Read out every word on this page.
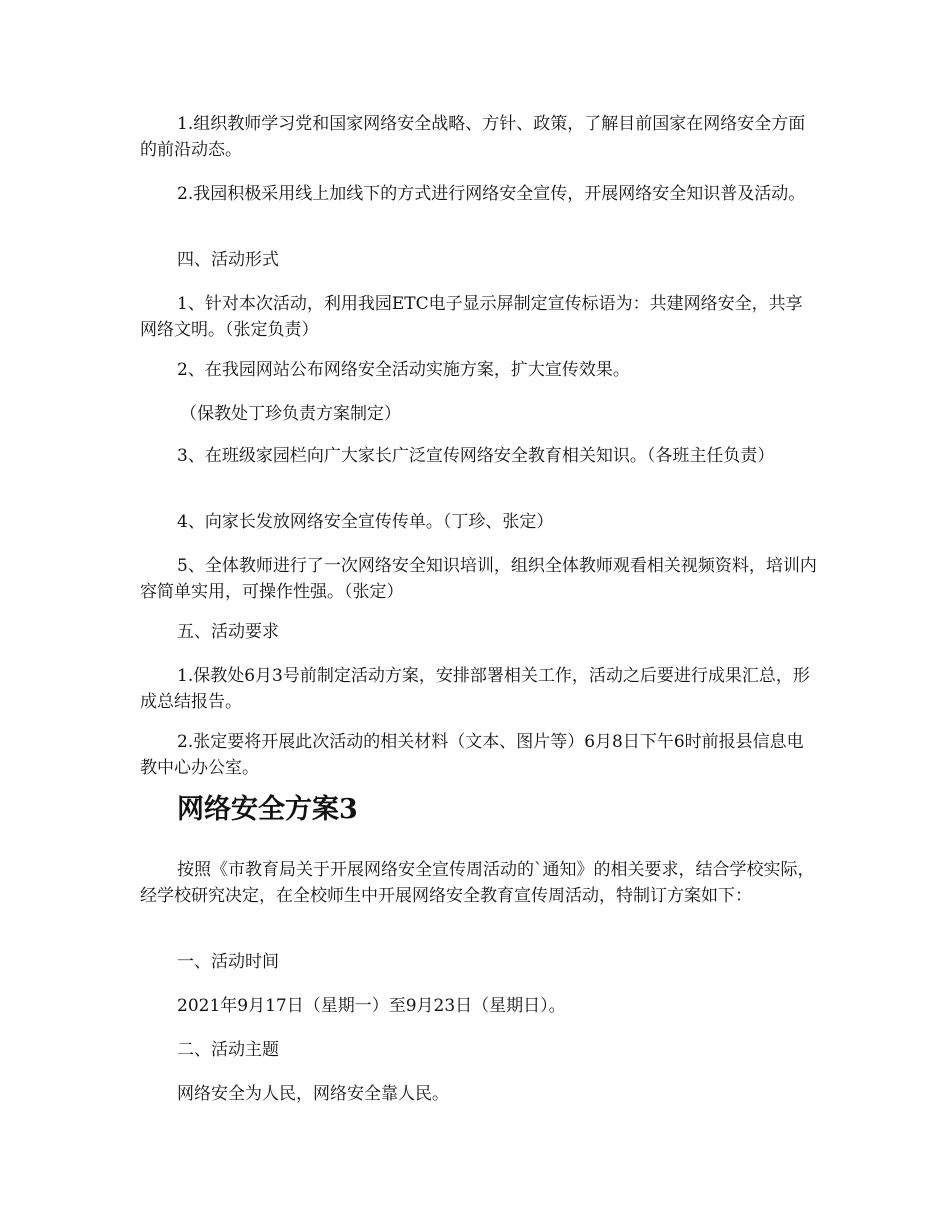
1.组织教师学习党和国家网络安全战略、方针、政策，了解目前国家在网络安全方面的前沿动态。

2.我园积极采用线上加线下的方式进行网络安全宣传，开展网络安全知识普及活动。

四、活动形式

1、针对本次活动，利用我园ETC电子显示屏制定宣传标语为：共建网络安全，共享网络文明。（张定负责）

2、在我园网站公布网络安全活动实施方案，扩大宣传效果。

（保教处丁珍负责方案制定）

3、在班级家园栏向广大家长广泛宣传网络安全教育相关知识。（各班主任负责）

4、向家长发放网络安全宣传传单。（丁珍、张定）

5、全体教师进行了一次网络安全知识培训，组织全体教师观看相关视频资料，培训内容简单实用，可操作性强。（张定）

五、活动要求

1.保教处6月3号前制定活动方案，安排部署相关工作，活动之后要进行成果汇总，形成总结报告。

2.张定要将开展此次活动的相关材料（文本、图片等）6月8日下午6时前报县信息电教中心办公室。

网络安全方案3

按照《市教育局关于开展网络安全宣传周活动的`通知》的相关要求，结合学校实际，经学校研究决定，在全校师生中开展网络安全教育宣传周活动，特制订方案如下：

一、活动时间

2021年9月17日（星期一）至9月23日（星期日）。

二、活动主题

网络安全为人民，网络安全靠人民。
